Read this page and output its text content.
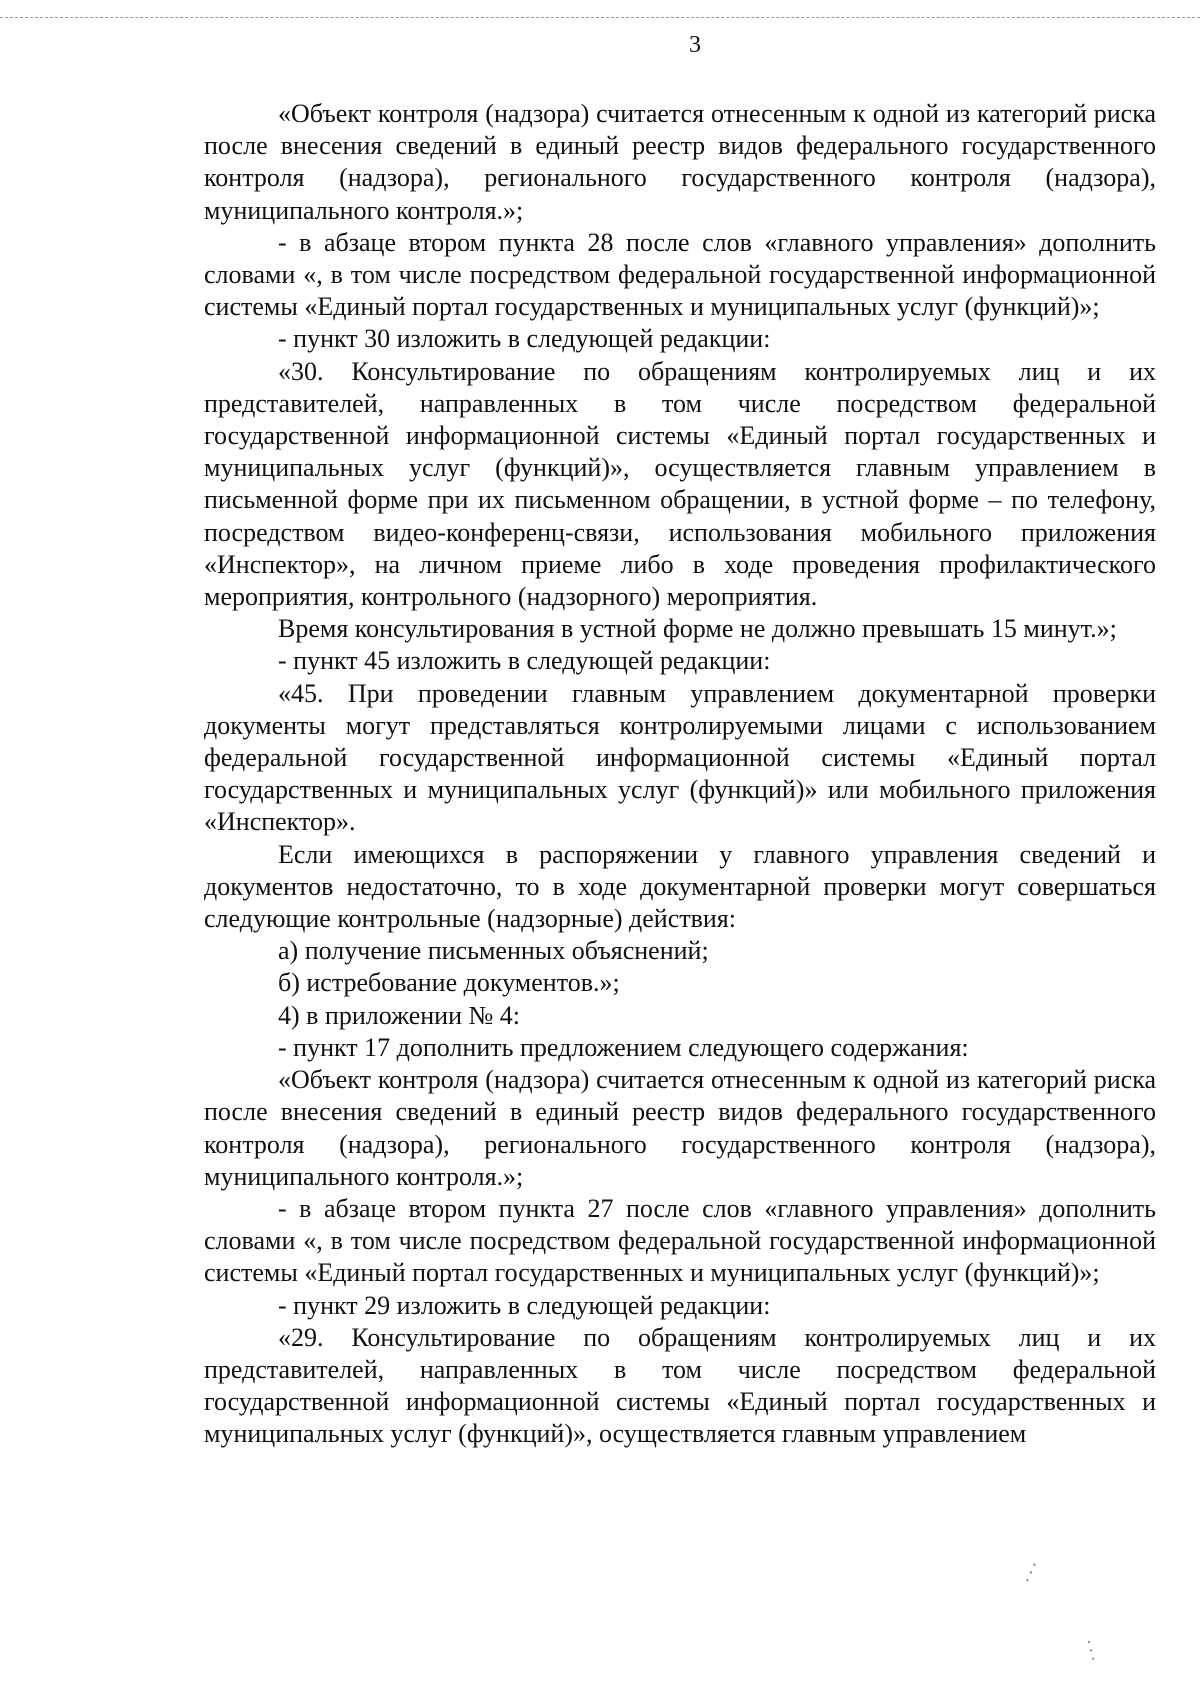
3

«Объект контроля (надзора) считается отнесенным к одной из категорий риска после внесения сведений в единый реестр видов федерального государственного контроля (надзора), регионального государственного контроля (надзора), муниципального контроля.»;

- в абзаце втором пункта 28 после слов «главного управления» дополнить словами «, в том числе посредством федеральной государственной информационной системы «Единый портал государственных и муниципальных услуг (функций)»;

- пункт 30 изложить в следующей редакции:

«30. Консультирование по обращениям контролируемых лиц и их представителей, направленных в том числе посредством федеральной государственной информационной системы «Единый портал государственных и муниципальных услуг (функций)», осуществляется главным управлением в письменной форме при их письменном обращении, в устной форме – по телефону, посредством видео-конференц-связи, использования мобильного приложения «Инспектор», на личном приеме либо в ходе проведения профилактического мероприятия, контрольного (надзорного) мероприятия.

Время консультирования в устной форме не должно превышать 15 минут.»;

- пункт 45 изложить в следующей редакции:

«45. При проведении главным управлением документарной проверки документы могут представляться контролируемыми лицами с использованием федеральной государственной информационной системы «Единый портал государственных и муниципальных услуг (функций)» или мобильного приложения «Инспектор».

Если имеющихся в распоряжении у главного управления сведений и документов недостаточно, то в ходе документарной проверки могут совершаться следующие контрольные (надзорные) действия:

а) получение письменных объяснений;

б) истребование документов.»;

4) в приложении № 4:

- пункт 17 дополнить предложением следующего содержания:

«Объект контроля (надзора) считается отнесенным к одной из категорий риска после внесения сведений в единый реестр видов федерального государственного контроля (надзора), регионального государственного контроля (надзора), муниципального контроля.»;

- в абзаце втором пункта 27 после слов «главного управления» дополнить словами «, в том числе посредством федеральной государственной информационной системы «Единый портал государственных и муниципальных услуг (функций)»;

- пункт 29 изложить в следующей редакции:

«29. Консультирование по обращениям контролируемых лиц и их представителей, направленных в том числе посредством федеральной государственной информационной системы «Единый портал государственных и муниципальных услуг (функций)», осуществляется главным управлением

⋰
⋱
